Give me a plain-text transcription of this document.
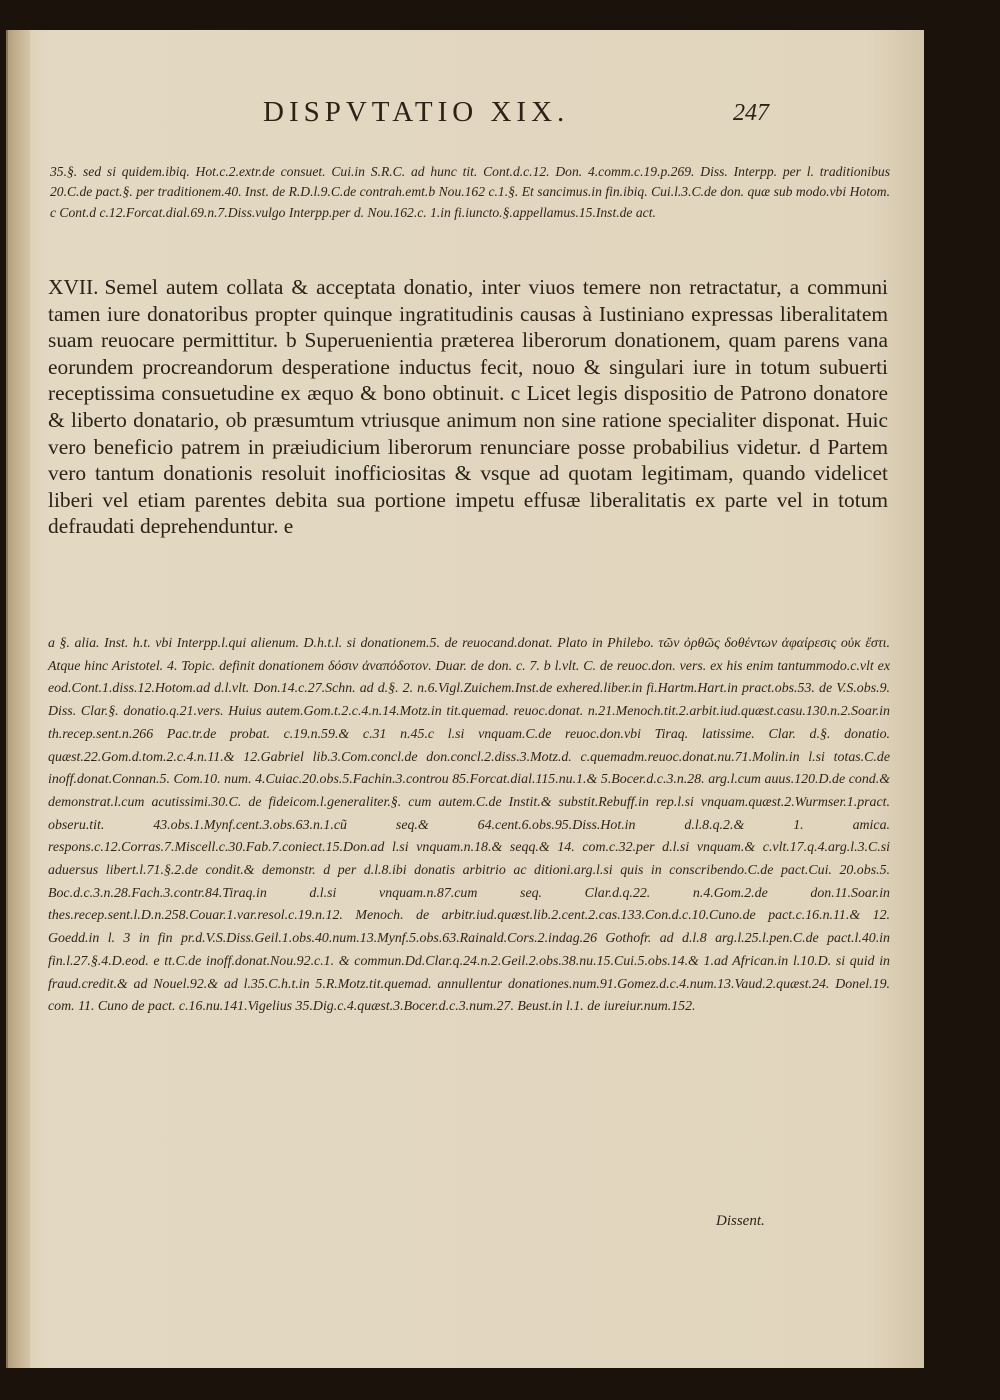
DISPVTATIO XIX.	247

35.§. sed si quidem.ibiq. Hot.c.2.extr.de consuet. Cui.in S.R.C. ad hunc tit. Cont.d.c.12. Don. 4.comm.c.19.p.269. Diss. Interpp. per l. traditionibus 20.C.de pact.§. per traditionem.40. Inst. de R.D.l.9.C.de contrah.emt.b Nou.162 c.1.§. Et sancimus.in fin.ibiq. Cui.l.3.C.de don. quæ sub modo.vbi Hotom. c Cont.d c.12.Forcat.dial.69.n.7.Diss.vulgo Interpp.per d. Nou.162.c. 1.in fi.iuncto.§.appellamus.15.Inst.de act.

XVII. Semel autem collata & acceptata donatio, inter viuos temere non retractatur, a communi tamen iure donatoribus propter quinque ingratitudinis causas à Iustiniano expressas liberalitatem suam reuocare permittitur. b Superuenientia præterea liberorum donationem, quam parens vana eorundem procreandorum desperatione inductus fecit, nouo & singulari iure in totum subuerti receptissima consuetudine ex æquo & bono obtinuit. c Licet legis dispositio de Patrono donatore & liberto donatario, ob præsumtum vtriusque animum non sine ratione specialiter disponat. Huic vero beneficio patrem in præiudicium liberorum renunciare posse probabilius videtur. d Partem vero tantum donationis resoluit inofficiositas & vsque ad quotam legitimam, quando videlicet liberi vel etiam parentes debita sua portione impetu effusæ liberalitatis ex parte vel in totum defraudati deprehenduntur. e

a §. alia. Inst. h.t. vbi Interpp.l.qui alienum. D.h.t.l. si donationem.5. de reuocand.donat. Plato in Philebo. τῶν ὀρθῶς δοθέντων ἀφαίρεσις οὐκ ἔστι. Atque hinc Aristotel. 4. Topic. definit donationem δόσιν ἀναπόδοτον. Duar. de don. c. 7. b l.vlt. C. de reuoc.don. vers. ex his enim tantummodo.c.vlt ex eod.Cont.1.diss.12.Hotom.ad d.l.vlt. Don.14.c.27.Schn. ad d.§. 2. n.6.Vigl.Zuichem.Inst.de exhered.liber.in fi.Hartm.Hart.in pract.obs.53. de V.S.obs.9. Diss. Clar.§. donatio.q.21.vers. Huius autem.Gom.t.2.c.4.n.14.Motz.in tit.quemad. reuoc.donat. n.21.Menoch.tit.2.arbit.iud.quæst.casu.130.n.2.Soar.in th.recep.sent.n.266 Pac.tr.de probat. c.19.n.59.& c.31 n.45.c l.si vnquam.C.de reuoc.don.vbi Tiraq. latissime. Clar. d.§. donatio. quæst.22.Gom.d.tom.2.c.4.n.11.& 12.Gabriel lib.3.Com.concl.de don.concl.2.diss.3.Motz.d. c.quemadm.reuoc.donat.nu.71.Molin.in l.si totas.C.de inoff.donat.Connan.5. Com.10. num. 4.Cuiac.20.obs.5.Fachin.3.controu 85.Forcat.dial.115.nu.1.& 5.Bocer.d.c.3.n.28. arg.l.cum auus.120.D.de cond.& demonstrat.l.cum acutissimi.30.C. de fideicom.l.generaliter.§. cum autem.C.de Instit.& substit.Rebuff.in rep.l.si vnquam.quæst.2.Wurmser.1.pract. obseru.tit. 43.obs.1.Mynf.cent.3.obs.63.n.1.cũ seq.& 64.cent.6.obs.95.Diss.Hot.in d.l.8.q.2.& 1. amica. respons.c.12.Corras.7.Miscell.c.30.Fab.7.coniect.15.Don.ad l.si vnquam.n.18.& seqq.& 14. com.c.32.per d.l.si vnquam.& c.vlt.17.q.4.arg.l.3.C.si aduersus libert.l.71.§.2.de condit.& demonstr. d per d.l.8.ibi donatis arbitrio ac ditioni.arg.l.si quis in conscribendo.C.de pact.Cui. 20.obs.5. Boc.d.c.3.n.28.Fach.3.contr.84.Tiraq.in d.l.si vnquam.n.87.cum seq. Clar.d.q.22. n.4.Gom.2.de don.11.Soar.in thes.recep.sent.l.D.n.258.Couar.1.var.resol.c.19.n.12. Menoch. de arbitr.iud.quæst.lib.2.cent.2.cas.133.Con.d.c.10.Cuno.de pact.c.16.n.11.& 12. Goedd.in l. 3 in fin pr.d.V.S.Diss.Geil.1.obs.40.num.13.Mynf.5.obs.63.Rainald.Cors.2.indag.26 Gothofr. ad d.l.8 arg.l.25.l.pen.C.de pact.l.40.in fin.l.27.§.4.D.eod. e tt.C.de inoff.donat.Nou.92.c.1. & commun.Dd.Clar.q.24.n.2.Geil.2.obs.38.nu.15.Cui.5.obs.14.& 1.ad African.in l.10.D. si quid in fraud.credit.& ad Nouel.92.& ad l.35.C.h.t.in 5.R.Motz.tit.quemad. annullentur donationes.num.91.Gomez.d.c.4.num.13.Vaud.2.quæst.24. Donel.19. com. 11. Cuno de pact. c.16.nu.141.Vigelius 35.Dig.c.4.quæst.3.Bocer.d.c.3.num.27. Beust.in l.1. de iureiur.num.152.

Dissent.
